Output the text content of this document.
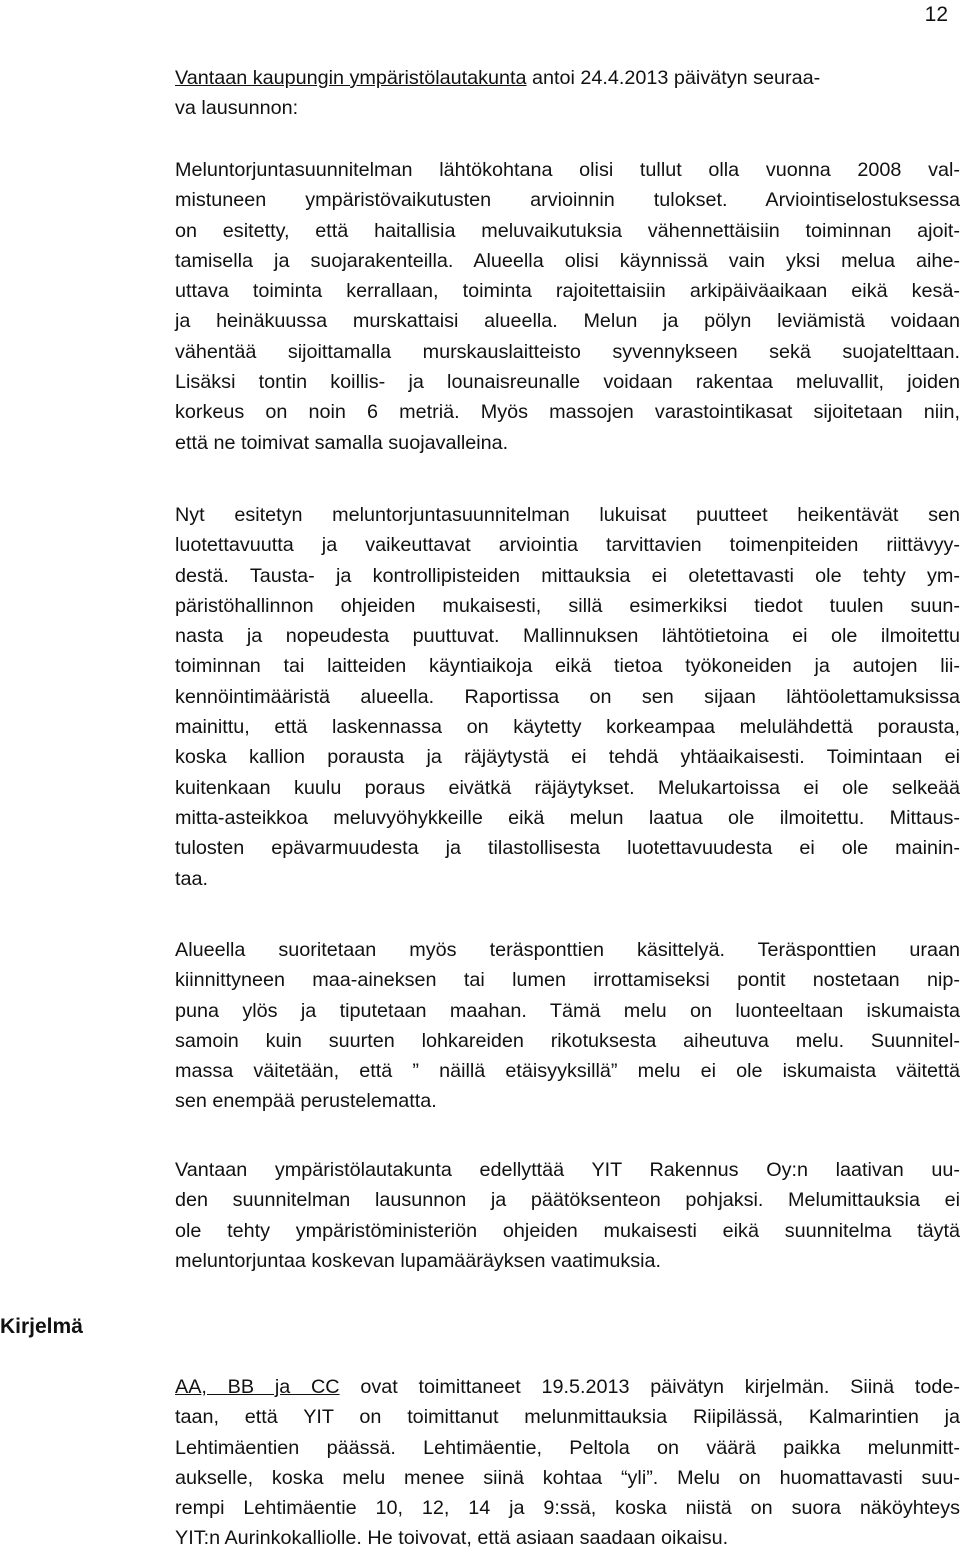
12
Vantaan kaupungin ympäristölautakunta antoi 24.4.2013 päivätyn seuraa-
va lausunnon:
Meluntorjuntasuunnitelman lähtökohtana olisi tullut olla vuonna 2008 val-
mistuneen ympäristövaikutusten arvioinnin tulokset. Arviointiselostuksessa
on esitetty, että haitallisia meluvaikutuksia vähennettäisiin toiminnan ajoit-
tamisella ja suojarakenteilla. Alueella olisi käynnissä vain yksi melua aihe-
uttava toiminta kerrallaan, toiminta rajoitettaisiin arkipäiväaikaan eikä kesä-
ja heinäkuussa murskattaisi alueella. Melun ja pölyn leviämistä voidaan
vähentää sijoittamalla murskauslaitteisto syvennykseen sekä suojatelttaan.
Lisäksi tontin koillis- ja lounaisreunalle voidaan rakentaa meluvallit, joiden
korkeus on noin 6 metriä. Myös massojen varastointikasat sijoitetaan niin,
että ne toimivat samalla suojavalleina.
Nyt esitetyn meluntorjuntasuunnitelman lukuisat puutteet heikentävät sen
luotettavuutta ja vaikeuttavat arviointia tarvittavien toimenpiteiden riittävyy-
destä. Tausta- ja kontrollipisteiden mittauksia ei oletettavasti ole tehty ym-
päristöhallinnon ohjeiden mukaisesti, sillä esimerkiksi tiedot tuulen suun-
nasta ja nopeudesta puuttuvat. Mallinnuksen lähtötietoina ei ole ilmoitettu
toiminnan tai laitteiden käyntiaikoja eikä tietoa työkoneiden ja autojen lii-
kennöintimääristä alueella. Raportissa on sen sijaan lähtöolettamuksissa
mainittu, että laskennassa on käytetty korkeampaa melulähdettä porausta,
koska kallion porausta ja räjäytystä ei tehdä yhtäaikaisesti. Toimintaan ei
kuitenkaan kuulu poraus eivätkä räjäytykset. Melukartoissa ei ole selkeää
mitta-asteikkoa meluvyöhykkeille eikä melun laatua ole ilmoitettu. Mittaus-
tulosten epävarmuudesta ja tilastollisesta luotettavuudesta ei ole mainin-
taa.
Alueella suoritetaan myös teräsponttien käsittelyä. Teräsponttien uraan
kiinnittyneen maa-aineksen tai lumen irrottamiseksi pontit nostetaan nip-
puna ylös ja tiputetaan maahan. Tämä melu on luonteeltaan iskumaista
samoin kuin suurten lohkareiden rikotuksesta aiheutuva melu. Suunnitel-
massa väitetään, että ” näillä etäisyyksillä” melu ei ole iskumaista väitettä
sen enempää perustelematta.
Vantaan ympäristölautakunta edellyttää YIT Rakennus Oy:n laativan uu-
den suunnitelman lausunnon ja päätöksenteon pohjaksi. Melumittauksia ei
ole tehty ympäristöministeriön ohjeiden mukaisesti eikä suunnitelma täytä
meluntorjuntaa koskevan lupamääräyksen vaatimuksia.
Kirjelmä
AA, BB ja CC ovat toimittaneet 19.5.2013 päivätyn kirjelmän. Siinä tode-
taan, että YIT on toimittanut melunmittauksia Riipilässä, Kalmarintien ja
Lehtimäentien päässä. Lehtimäentie, Peltola on väärä paikka melunmitt-
aukselle, koska melu menee siinä kohtaa “yli”. Melu on huomattavasti suu-
rempi Lehtimäentie 10, 12, 14 ja 9:ssä, koska niistä on suora näköyhteys
YIT:n Aurinkokalliolle. He toivovat, että asiaan saadaan oikaisu.
